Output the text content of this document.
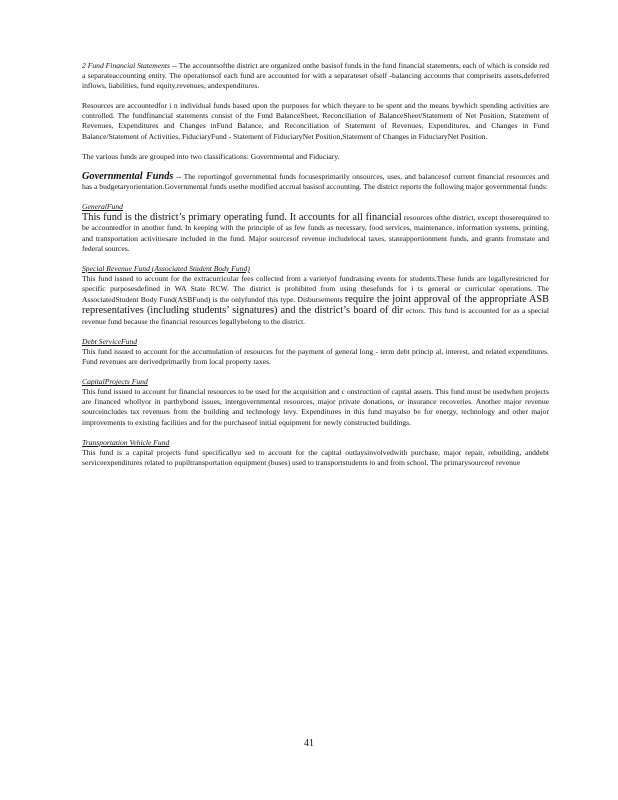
2 Fund Financial Statements -- The accountsofthe district are organized onthe basisof funds in the fund financial statements, each of which is conside red a separateaccounting entity. The operationsof each fund are accounted for with a separateset ofself -balancing accounts that compriseits assets,deferred inflows, liabilities, fund equity,revenues, andexpenditures.

Resources are accountedfor i n individual funds based upon the purposes for which theyare to be spent and the means bywhich spending activities are controlled. The fundfinancial statements consist of the Fund BalanceSheet, Reconciliation of BalanceSheet/Statement of Net Position, Statement of Revenues, Expenditures and Changes inFund Balance, and Reconciliation of Statement of Revenues, Expenditures, and Changes in Fund Balance/Statement of Activities, FiduciaryFund - Statement of FiduciaryNet Position,Statement of Changes in FiduciaryNet Position.

The various funds are grouped into two classifications: Governmental and Fiduciary.

Governmental Funds -- The reportingof governmental funds focusesprimarily onsources, uses, and balancesof current financial resources and has a budgetaryorientation.Governmental funds usethe modified accrual basisof accounting. The district reports the following major governmental funds:

GeneralFund

This fund is the district’s primary operating fund. It accounts for all financial resources ofthe district, except thoserequired to be accountedfor in another fund. In keeping with the principle of as few funds as necessary, food services, maintenance, information systems, printing, and transportation activitiesare included in the fund. Major sourcesof revenue includelocal taxes, stateapportionment funds, and grants fromstate and federal sources.

Special Revenue Fund (Associated Student Body Fund)

This fund issued to account for the extracurricular fees collected from a varietyof fundraising events for students.These funds are legallyrestricted for specific purposesdefined in WA State RCW. The district is prohibited from using thesefunds for i ts general or curricular operations. The AssociatedStudent Body Fund(ASBFund) is the onlyfundof this type. Disbursements require the joint approval of the appropriate ASB representatives (including students’ signatures) and the district’s board of dir ectors. This fund is accounted for as a special revenue fund because the financial resources legallybelong to the district.

Debt ServiceFund

This fund issued to account for the accumulation of resources for the payment of general long - term debt princip al, interest, and related expenditures. Fund revenues are derivedprimarily from local property taxes.

CapitalProjects Fund

This fund issued to account for financial resources to be used for the acquisition and c onstruction of capital assets. This fund must be usedwhen projects are financed whollyor in partbybond issues, intergovernmental resources, major private donations, or insurance recoveries. Another major revenue sourceincludes tax revenues from the building and technology levy. Expenditures in this fund mayalso be for energy, technology and other major improvements to existing facilities and for the purchaseof initial equipment for newly constructed buildings.

Transportation Vehicle Fund

This fund is a capital projects fund specificallyu sed to account for the capital outlaysinvolvedwith purchase, major repair, rebuilding, anddebt serviceexpenditures related to pupiltransportation equipment (buses) used to transportstudents to and from school. The primarysourceof revenue

41
